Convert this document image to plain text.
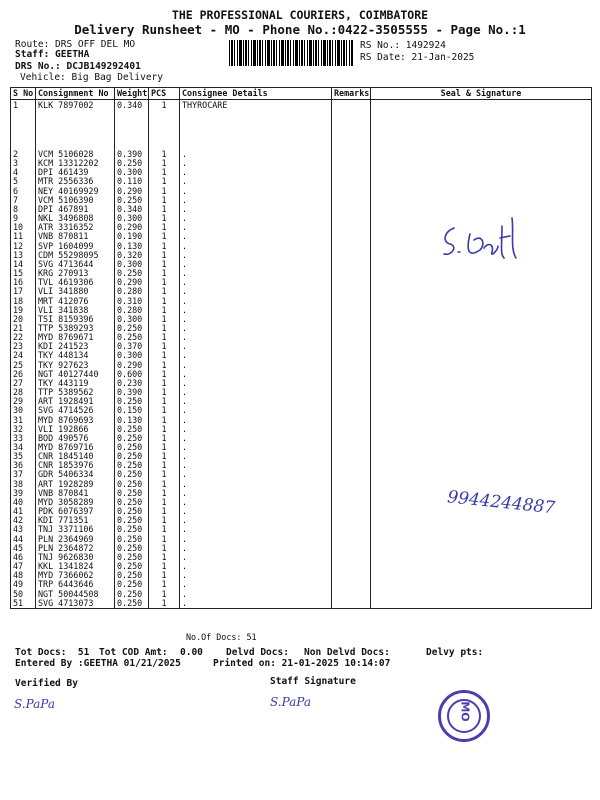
THE PROFESSIONAL COURIERS, COIMBATORE
Delivery Runsheet - MO - Phone No.:0422-3505555 - Page No.:1
Route: DRS OFF DEL MO
Staff: GEETHA
DRS No.: DCJB149292401
Vehicle: Big Bag Delivery
RS No.: 1492924
RS Date: 21-Jan-2025
S No	Consignment No	Weight	PCS	Consignee Details	Remarks	Seal & Signature
1	KLK 7897002	0.340	1	THYROCARE		
2	VCM 5106028	0.390	1	.		
3	KCM 13312202	0.250	1	.		
4	DPI 461439	0.300	1	.		
5	MTR 2556336	0.110	1	.		
6	NEY 40169929	0.290	1	.		
7	VCM 5106390	0.250	1	.		
8	DPI 467891	0.340	1	.		
9	NKL 3496808	0.300	1	.		
10	ATR 3316352	0.290	1	.		
11	VNB 870811	0.190	1	.		
12	SVP 1604099	0.130	1	.		
13	CDM 55298095	0.320	1	.		
14	SVG 4713644	0.300	1	.		
15	KRG 270913	0.250	1	.		
16	TVL 4619306	0.290	1	.		
17	VLI 341880	0.280	1	.		
18	MRT 412076	0.310	1	.		
19	VLI 341838	0.280	1	.		
20	TSI 8159396	0.300	1	.		
21	TTP 5389293	0.250	1	.		
22	MYD 8769671	0.250	1	.		
23	KDI 241523	0.370	1	.		
24	TKY 448134	0.300	1	.		
25	TKY 927623	0.290	1	.		
26	NGT 40127440	0.600	1	.		
27	TKY 443119	0.230	1	.		
28	TTP 5389562	0.390	1	.		
29	ART 1928491	0.250	1	.		
30	SVG 4714526	0.150	1	.		
31	MYD 8769693	0.130	1	.		
32	VLI 192866	0.250	1	.		
33	BOD 490576	0.250	1	.		
34	MYD 8769716	0.250	1	.		
35	CNR 1845140	0.250	1	.		
36	CNR 1853976	0.250	1	.		
37	GDR 5406334	0.250	1	.		
38	ART 1928289	0.250	1	.		
39	VNB 870841	0.250	1	.		
40	MYD 3058289	0.250	1	.		
41	PDK 6076397	0.250	1	.		
42	KDI 771351	0.250	1	.		
43	TNJ 3371106	0.250	1	.		
44	PLN 2364969	0.250	1	.		
45	PLN 2364872	0.250	1	.		
46	TNJ 9626830	0.250	1	.		
47	KKL 1341824	0.250	1	.		
48	MYD 7366062	0.250	1	.		
49	TRP 6443646	0.250	1	.		
50	NGT 50044508	0.250	1	.		
51	SVG 4713073	0.250	1	.		
S. Senthil
9944244887
No.Of Docs: 51
Tot Docs:  51 Tot COD Amt: 0.00 Delvd Docs: Non Delvd Docs:	Delvy pts:
Entered By :GEETHA 01/21/2025	Printed on: 21-01-2025 10:14:07
Verified By	Staff Signature
S.PaPa	S.PaPa	MO
